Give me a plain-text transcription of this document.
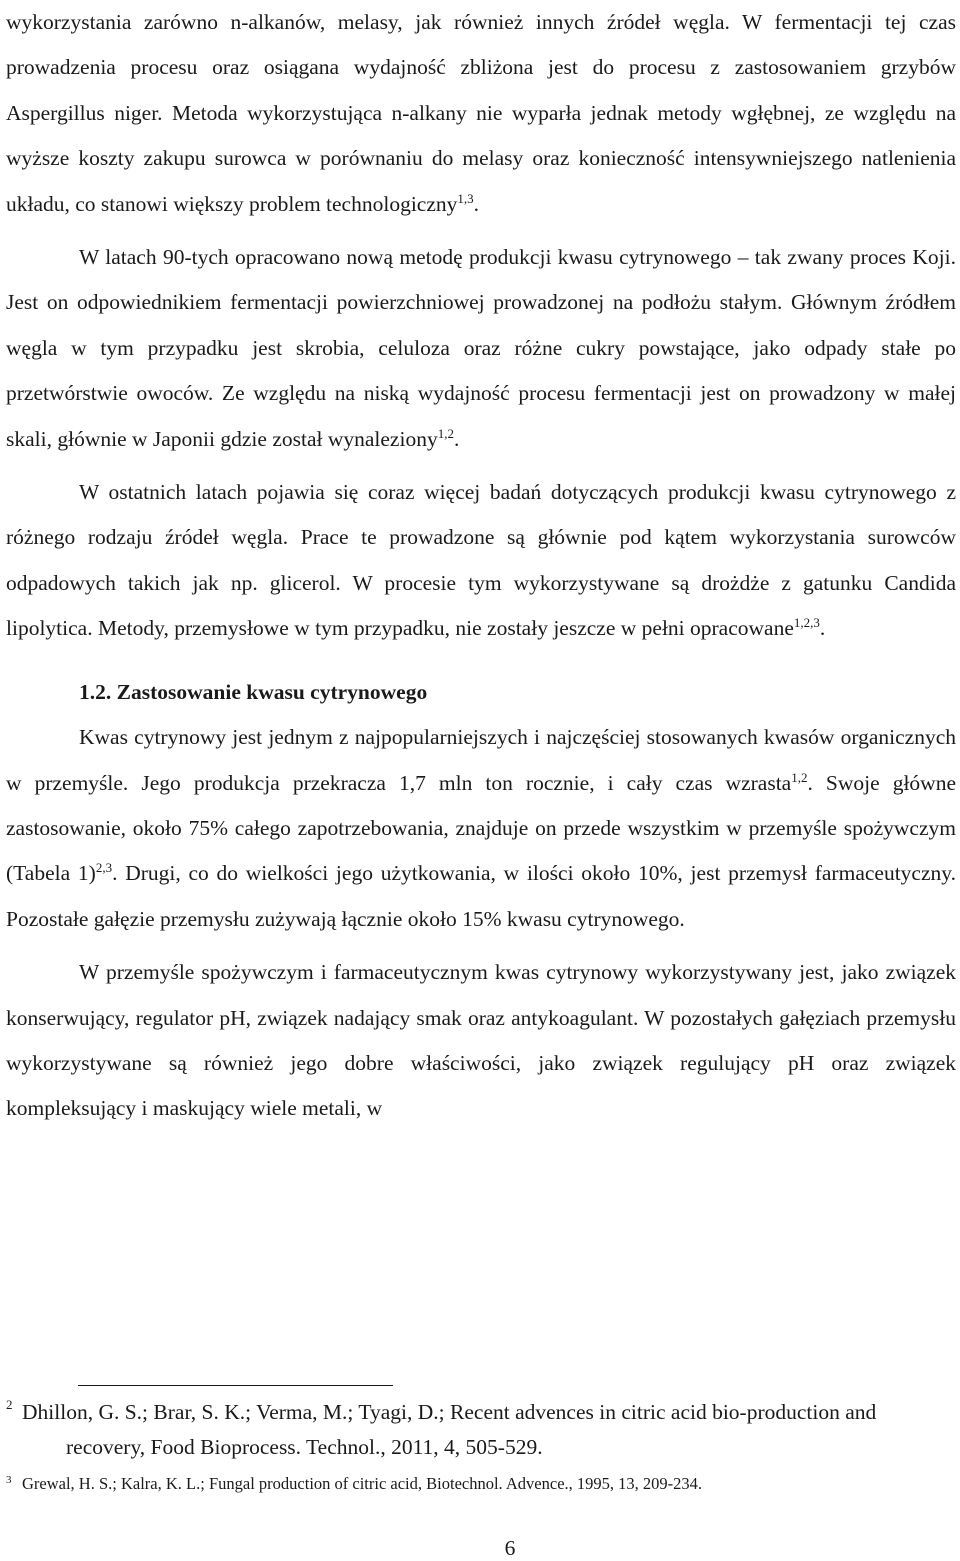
wykorzystania zarówno n-alkanów, melasy, jak również innych źródeł węgla. W fermentacji tej czas prowadzenia procesu oraz osiągana wydajność zbliżona jest do procesu z zastosowaniem grzybów Aspergillus niger. Metoda wykorzystująca n-alkany nie wyparła jednak metody wgłębnej, ze względu na wyższe koszty zakupu surowca w porównaniu do melasy oraz konieczność intensywniejszego natlenienia układu, co stanowi większy problem technologiczny$^{1,3}$.

W latach 90-tych opracowano nową metodę produkcji kwasu cytrynowego – tak zwany proces Koji. Jest on odpowiednikiem fermentacji powierzchniowej prowadzonej na podłożu stałym. Głównym źródłem węgla w tym przypadku jest skrobia, celuloza oraz różne cukry powstające, jako odpady stałe po przetwórstwie owoców. Ze względu na niską wydajność procesu fermentacji jest on prowadzony w małej skali, głównie w Japonii gdzie został wynaleziony$^{1,2}$.

W ostatnich latach pojawia się coraz więcej badań dotyczących produkcji kwasu cytrynowego z różnego rodzaju źródeł węgla. Prace te prowadzone są głównie pod kątem wykorzystania surowców odpadowych takich jak np. glicerol. W procesie tym wykorzystywane są drożdże z gatunku Candida lipolytica. Metody, przemysłowe w tym przypadku, nie zostały jeszcze w pełni opracowane$^{1,2,3}$.

1.2. Zastosowanie kwasu cytrynowego

Kwas cytrynowy jest jednym z najpopularniejszych i najczęściej stosowanych kwasów organicznych w przemyśle. Jego produkcja przekracza 1,7 mln ton rocznie, i cały czas wzrasta$^{1,2}$. Swoje główne zastosowanie, około 75% całego zapotrzebowania, znajduje on przede wszystkim w przemyśle spożywczym (Tabela 1)$^{2,3}$. Drugi, co do wielkości jego użytkowania, w ilości około 10%, jest przemysł farmaceutyczny. Pozostałe gałęzie przemysłu zużywają łącznie około 15% kwasu cytrynowego.

W przemyśle spożywczym i farmaceutycznym kwas cytrynowy wykorzystywany jest, jako związek konserwujący, regulator pH, związek nadający smak oraz antykoagulant. W pozostałych gałęziach przemysłu wykorzystywane są również jego dobre właściwości, jako związek regulujący pH oraz związek kompleksujący i maskujący wiele metali, w

2 Dhillon, G. S.; Brar, S. K.; Verma, M.; Tyagi, D.; Recent advences in citric acid bio-production and recovery, Food Bioprocess. Technol., 2011, 4, 505-529.

3 Grewal, H. S.; Kalra, K. L.; Fungal production of citric acid, Biotechnol. Advence., 1995, 13, 209-234.

6
